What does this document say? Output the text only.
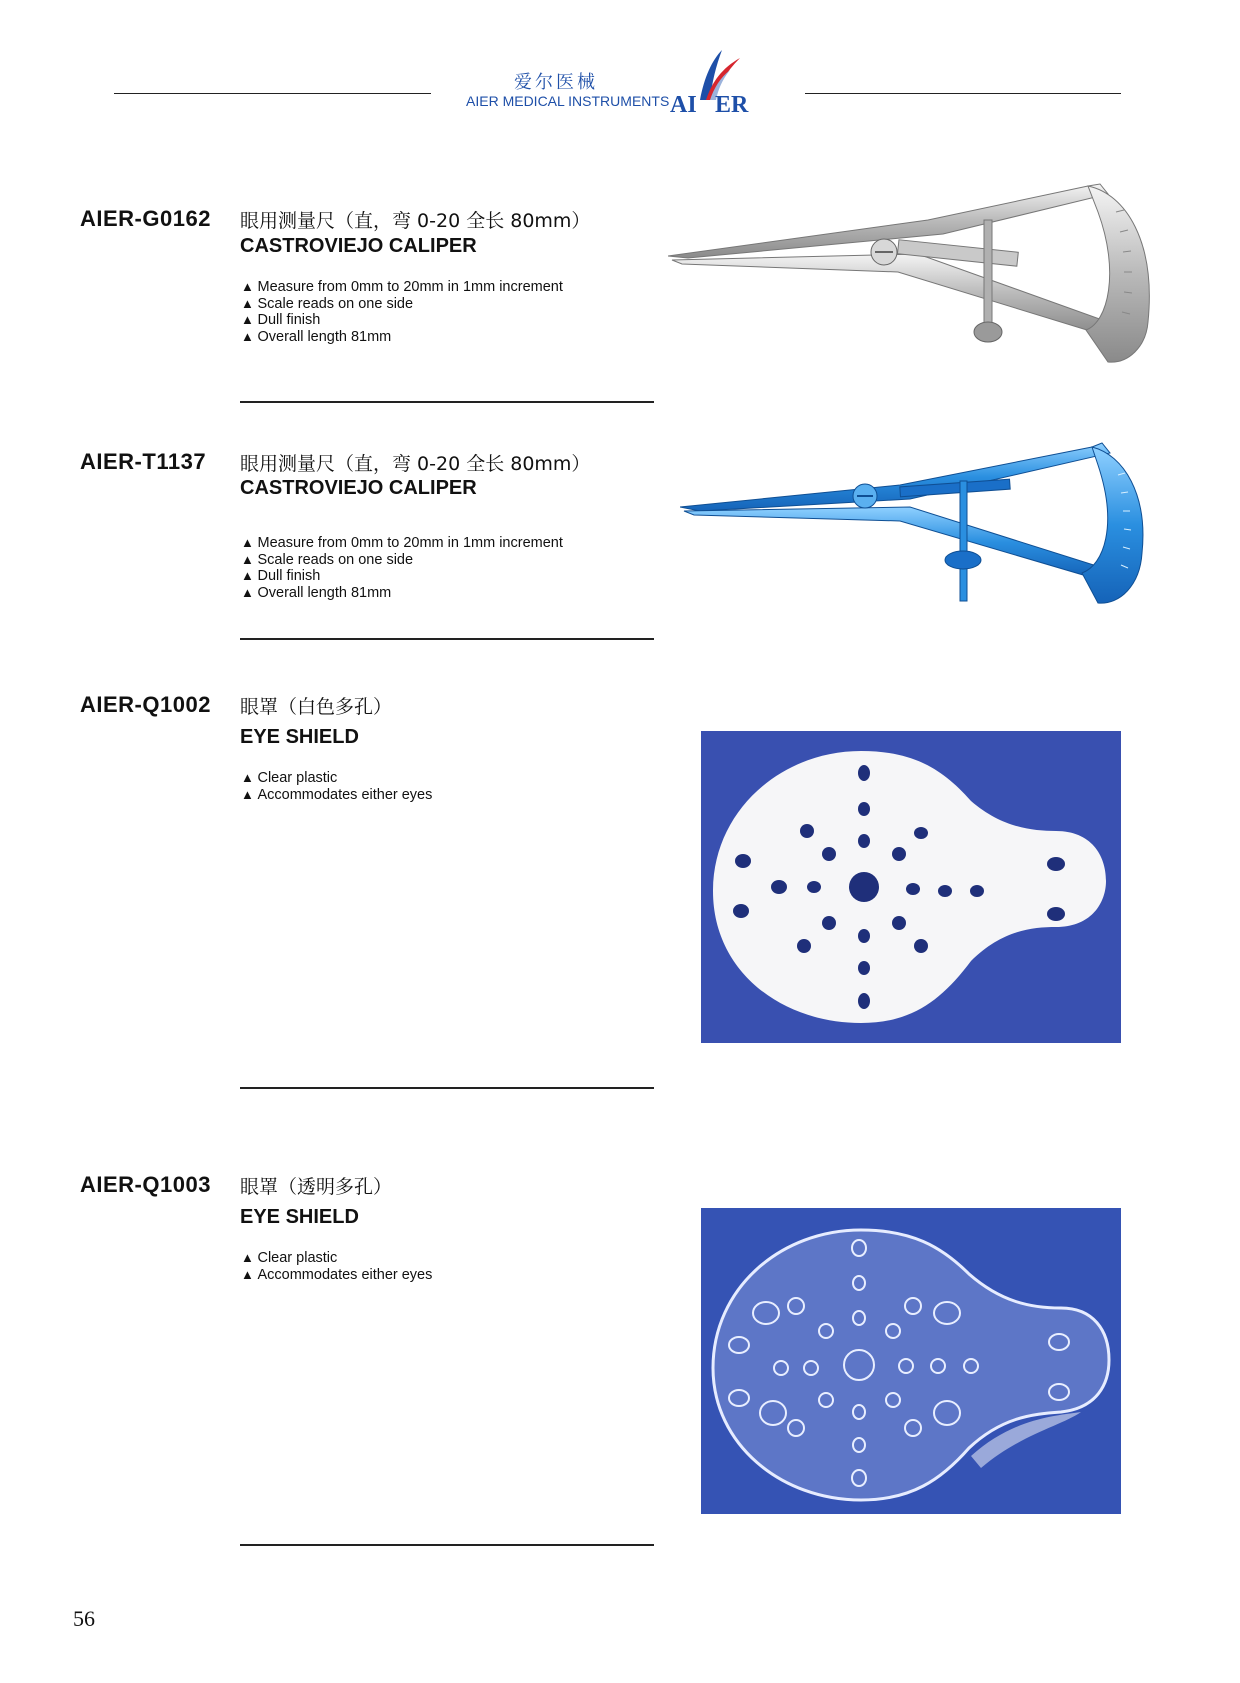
爱尔医械
AIER MEDICAL INSTRUMENTS AI ER
AIER-G0162 眼用测量尺（直，弯 0-20 全长 80mm）
CASTROVIEJO CALIPER
▲ Measure from 0mm to 20mm in 1mm increment
▲ Scale reads on one side
▲ Dull finish
▲ Overall length 81mm
AIER-T1137 眼用测量尺（直，弯 0-20 全长 80mm）
CASTROVIEJO CALIPER
▲ Measure from 0mm to 20mm in 1mm increment
▲ Scale reads on one side
▲ Dull finish
▲ Overall length 81mm
AIER-Q1002 眼罩（白色多孔）
EYE SHIELD
▲ Clear plastic
▲ Accommodates either eyes
AIER-Q1003 眼罩（透明多孔）
EYE SHIELD
▲ Clear plastic
▲ Accommodates either eyes
56
